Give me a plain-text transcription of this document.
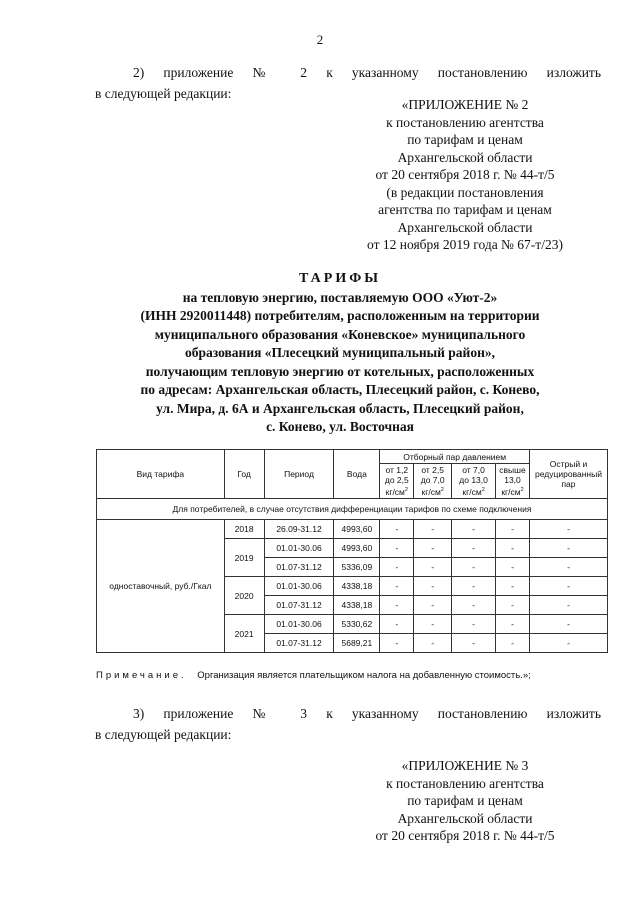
2
2) приложение № 2 к указанному постановлению изложить
в следующей редакции:
«ПРИЛОЖЕНИЕ № 2
к постановлению агентства
по тарифам и ценам
Архангельской области
от 20 сентября 2018 г. № 44-т/5
(в редакции постановления
агентства по тарифам и ценам
Архангельской области
от 12 ноября 2019 года № 67-т/23)
ТАРИФЫ
на тепловую энергию, поставляемую ООО «Уют-2»
(ИНН 2920011448) потребителям, расположенным на территории
муниципального образования «Коневское» муниципального
образования «Плесецкий муниципальный район»,
получающим тепловую энергию от котельных, расположенных
по адресам: Архангельская область, Плесецкий район, с. Конево,
ул. Мира, д. 6А и Архангельская область, Плесецкий район,
с. Конево, ул. Восточная
Вид тарифа	Год	Период	Вода	Отборный пар давлением				Острый и редуцированный пар
				от 1,2
до 2,5
$кг/см^2$	от 2,5
до 7,0
$кг/см^2$	от 7,0
до 13,0
$кг/см^2$	свыше
13,0
$кг/см^2$
Для потребителей, в случае отсутствия дифференциации тарифов по схеме подключения								
одноставочный, руб./Гкал	2018	26.09-31.12	4993,60	-	-	-	-	-
	2019	01.01-30.06	4993,60	-	-	-	-	-
		01.07-31.12	5336,09	-	-	-	-	-
	2020	01.01-30.06	4338,18	-	-	-	-	-
		01.07-31.12	4338,18	-	-	-	-	-
	2021	01.01-30.06	5330,62	-	-	-	-	-
		01.07-31.12	5689,21	-	-	-	-	-
Примечание. Организация является плательщиком налога на добавленную стоимость.»;
3) приложение № 3 к указанному постановлению изложить
в следующей редакции:
«ПРИЛОЖЕНИЕ № 3
к постановлению агентства
по тарифам и ценам
Архангельской области
от 20 сентября 2018 г. № 44-т/5
